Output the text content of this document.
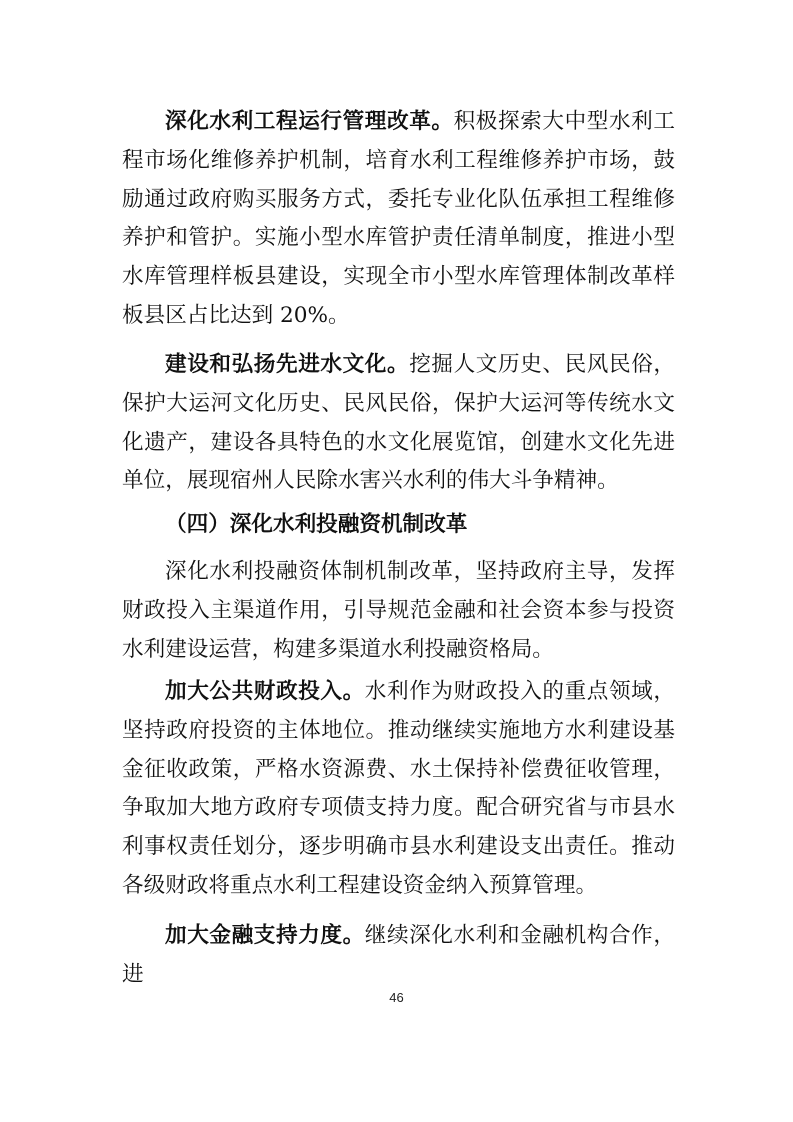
深化水利工程运行管理改革。积极探索大中型水利工程市场化维修养护机制，培育水利工程维修养护市场，鼓励通过政府购买服务方式，委托专业化队伍承担工程维修养护和管护。实施小型水库管护责任清单制度，推进小型水库管理样板县建设，实现全市小型水库管理体制改革样板县区占比达到 20%。

建设和弘扬先进水文化。挖掘人文历史、民风民俗，保护大运河文化历史、民风民俗，保护大运河等传统水文化遗产，建设各具特色的水文化展览馆，创建水文化先进单位，展现宿州人民除水害兴水利的伟大斗争精神。

（四）深化水利投融资机制改革

深化水利投融资体制机制改革，坚持政府主导，发挥财政投入主渠道作用，引导规范金融和社会资本参与投资水利建设运营，构建多渠道水利投融资格局。

加大公共财政投入。水利作为财政投入的重点领域，坚持政府投资的主体地位。推动继续实施地方水利建设基金征收政策，严格水资源费、水土保持补偿费征收管理，争取加大地方政府专项债支持力度。配合研究省与市县水利事权责任划分，逐步明确市县水利建设支出责任。推动各级财政将重点水利工程建设资金纳入预算管理。

加大金融支持力度。继续深化水利和金融机构合作，进

46
